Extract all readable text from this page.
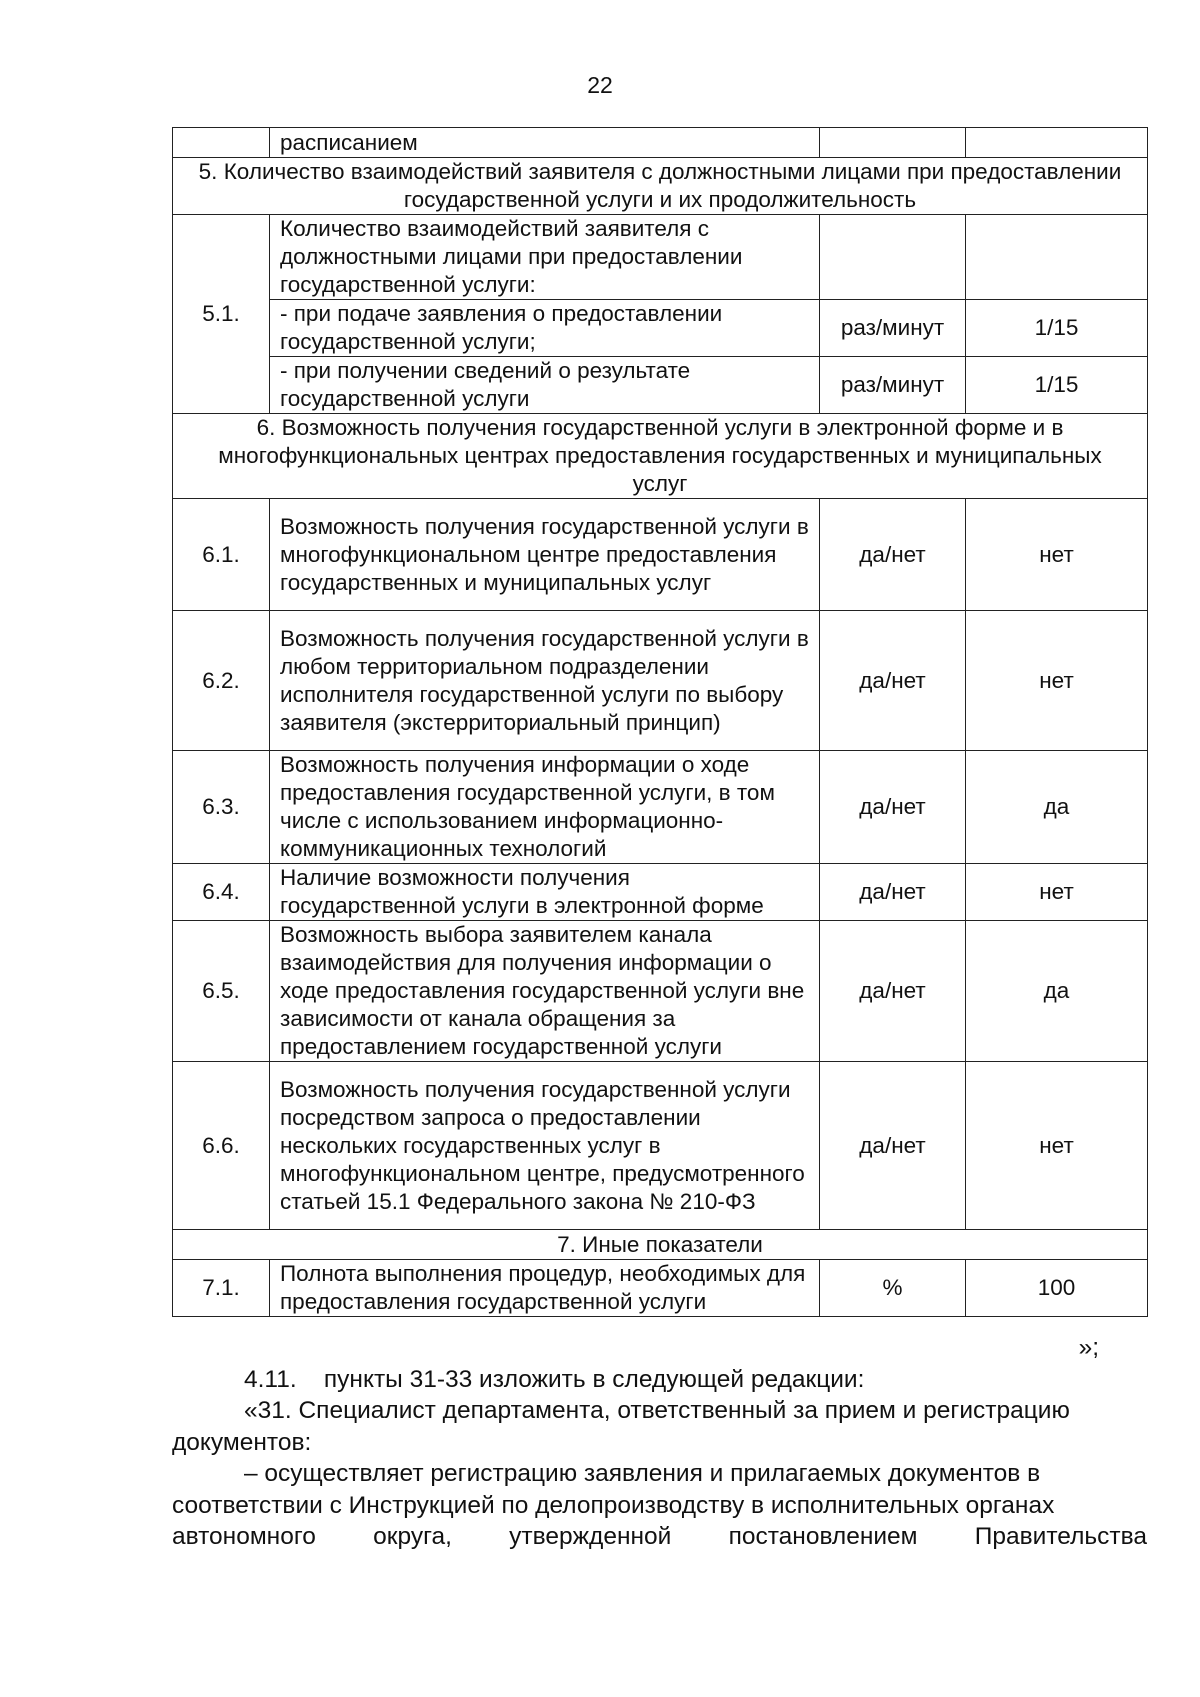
22
	расписанием		
5. Количество взаимодействий заявителя с должностными лицами при предоставлении государственной услуги и их продолжительность			
5.1.	Количество взаимодействий заявителя с должностными лицами при предоставлении государственной услуги:		
	- при подаче заявления о предоставлении государственной услуги;	раз/минут	1/15
	- при получении сведений о результате государственной услуги	раз/минут	1/15
6. Возможность получения государственной услуги в электронной форме и в многофункциональных центрах предоставления государственных и муниципальных услуг			
6.1.	Возможность получения государственной услуги в многофункциональном центре предоставления государственных и муниципальных услуг	да/нет	нет
6.2.	Возможность получения государственной услуги в любом территориальном подразделении исполнителя государственной услуги по выбору заявителя (экстерриториальный принцип)	да/нет	нет
6.3.	Возможность получения информации о ходе предоставления государственной услуги, в том числе с использованием информационно-коммуникационных технологий	да/нет	да
6.4.	Наличие возможности получения государственной услуги в электронной форме	да/нет	нет
6.5.	Возможность выбора заявителем канала взаимодействия для получения информации о ходе предоставления государственной услуги вне зависимости от канала обращения за предоставлением государственной услуги	да/нет	да
6.6.	Возможность получения государственной услуги посредством запроса о предоставлении нескольких государственных услуг в многофункциональном центре, предусмотренного статьей 15.1 Федерального закона № 210-ФЗ	да/нет	нет
7. Иные показатели			
7.1.	Полнота выполнения процедур, необходимых для предоставления государственной услуги	%	100

»;

4.11.    пункты 31-33 изложить в следующей редакции:

«31. Специалист департамента, ответственный за прием и регистрацию документов:

– осуществляет регистрацию заявления и прилагаемых документов в соответствии с Инструкцией по делопроизводству в исполнительных органах

автономного округа, утвержденной постановлением Правительства
